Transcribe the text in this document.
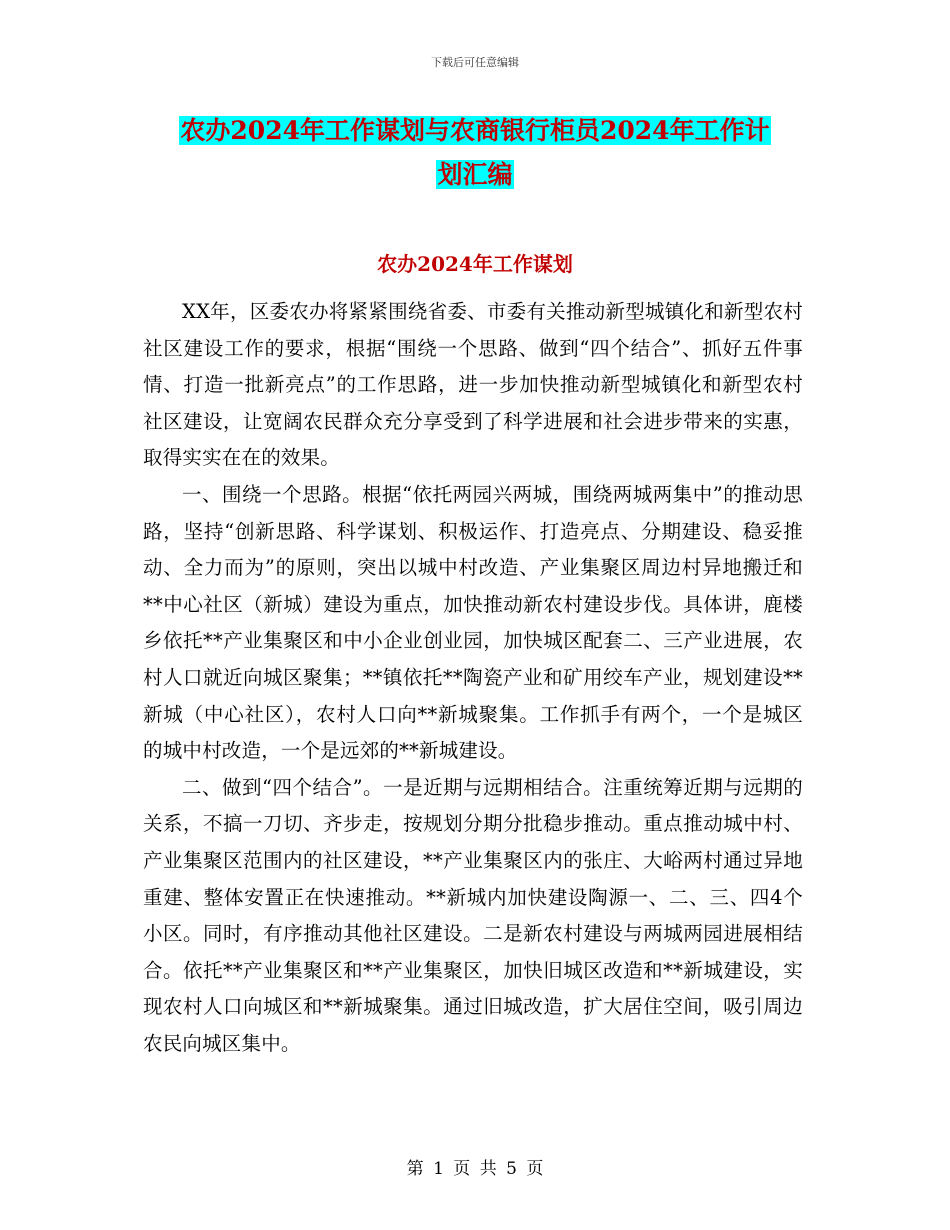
下载后可任意编辑
农办2024年工作谋划与农商银行柜员2024年工作计
划汇编
农办2024年工作谋划

XX年，区委农办将紧紧围绕省委、市委有关推动新型城镇化和新型农村社区建设工作的要求，根据“围绕一个思路、做到“四个结合”、抓好五件事情、打造一批新亮点”的工作思路，进一步加快推动新型城镇化和新型农村社区建设，让宽阔农民群众充分享受到了科学进展和社会进步带来的实惠，取得实实在在的效果。

一、围绕一个思路。根据“依托两园兴两城，围绕两城两集中”的推动思路，坚持“创新思路、科学谋划、积极运作、打造亮点、分期建设、稳妥推动、全力而为”的原则，突出以城中村改造、产业集聚区周边村异地搬迁和**中心社区（新城）建设为重点，加快推动新农村建设步伐。具体讲，鹿楼乡依托**产业集聚区和中小企业创业园，加快城区配套二、三产业进展，农村人口就近向城区聚集；**镇依托**陶瓷产业和矿用绞车产业，规划建设**新城（中心社区），农村人口向**新城聚集。工作抓手有两个，一个是城区的城中村改造，一个是远郊的**新城建设。

二、做到“四个结合”。一是近期与远期相结合。注重统筹近期与远期的关系，不搞一刀切、齐步走，按规划分期分批稳步推动。重点推动城中村、产业集聚区范围内的社区建设，**产业集聚区内的张庄、大峪两村通过异地重建、整体安置正在快速推动。**新城内加快建设陶源一、二、三、四4个小区。同时，有序推动其他社区建设。二是新农村建设与两城两园进展相结合。依托**产业集聚区和**产业集聚区，加快旧城区改造和**新城建设，实现农村人口向城区和**新城聚集。通过旧城改造，扩大居住空间，吸引周边农民向城区集中。

第 1 页 共 5 页
